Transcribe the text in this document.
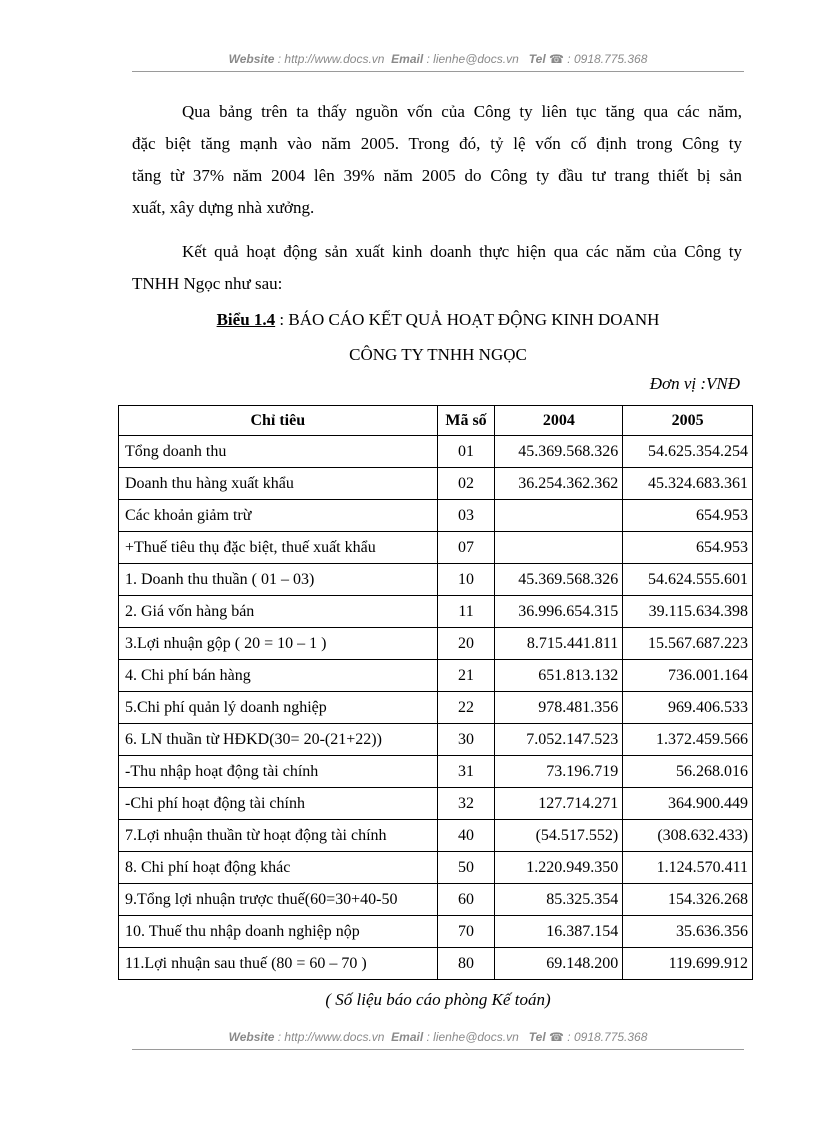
Website : http://www.docs.vn Email : lienhe@docs.vn Tel ☎ : 0918.775.368
Qua bảng trên ta thấy nguồn vốn của Công ty liên tục tăng qua các năm,
đặc biệt tăng mạnh vào năm 2005. Trong đó, tỷ lệ vốn cố định trong Công ty
tăng từ 37% năm 2004 lên 39% năm 2005 do Công ty đầu tư trang thiết bị sản
xuất, xây dựng nhà xưởng.
Kết quả hoạt động sản xuất kinh doanh thực hiện qua các năm của Công ty
TNHH Ngọc như sau:
Biểu 1.4 : BÁO CÁO KẾT QUẢ HOẠT ĐỘNG KINH DOANH
CÔNG TY TNHH NGỌC
Đơn vị :VNĐ
Chỉ tiêu	Mã số	2004	2005
Tổng doanh thu	01	45.369.568.326	54.625.354.254
Doanh thu hàng xuất khẩu	02	36.254.362.362	45.324.683.361
Các khoản giảm trừ	03		654.953
+Thuế tiêu thụ đặc biệt, thuế xuất khẩu	07		654.953
1. Doanh thu thuần ( 01 – 03)	10	45.369.568.326	54.624.555.601
2. Giá vốn hàng bán	11	36.996.654.315	39.115.634.398
3.Lợi nhuận gộp ( 20 = 10 – 1 )	20	8.715.441.811	15.567.687.223
4. Chi phí bán hàng	21	651.813.132	736.001.164
5.Chi phí quản lý doanh nghiệp	22	978.481.356	969.406.533
6. LN thuần từ HĐKD(30= 20-(21+22))	30	7.052.147.523	1.372.459.566
-Thu nhập hoạt động tài chính	31	73.196.719	56.268.016
-Chi phí hoạt động tài chính	32	127.714.271	364.900.449
7.Lợi nhuận thuần từ hoạt động tài chính	40	(54.517.552)	(308.632.433)
8. Chi phí hoạt động khác	50	1.220.949.350	1.124.570.411
9.Tổng lợi nhuận trược thuế(60=30+40-50	60	85.325.354	154.326.268
10. Thuế thu nhập doanh nghiệp nộp	70	16.387.154	35.636.356
11.Lợi nhuận sau thuế (80 = 60 – 70 )	80	69.148.200	119.699.912
( Số liệu báo cáo phòng Kế toán)
Website : http://www.docs.vn Email : lienhe@docs.vn Tel ☎ : 0918.775.368
